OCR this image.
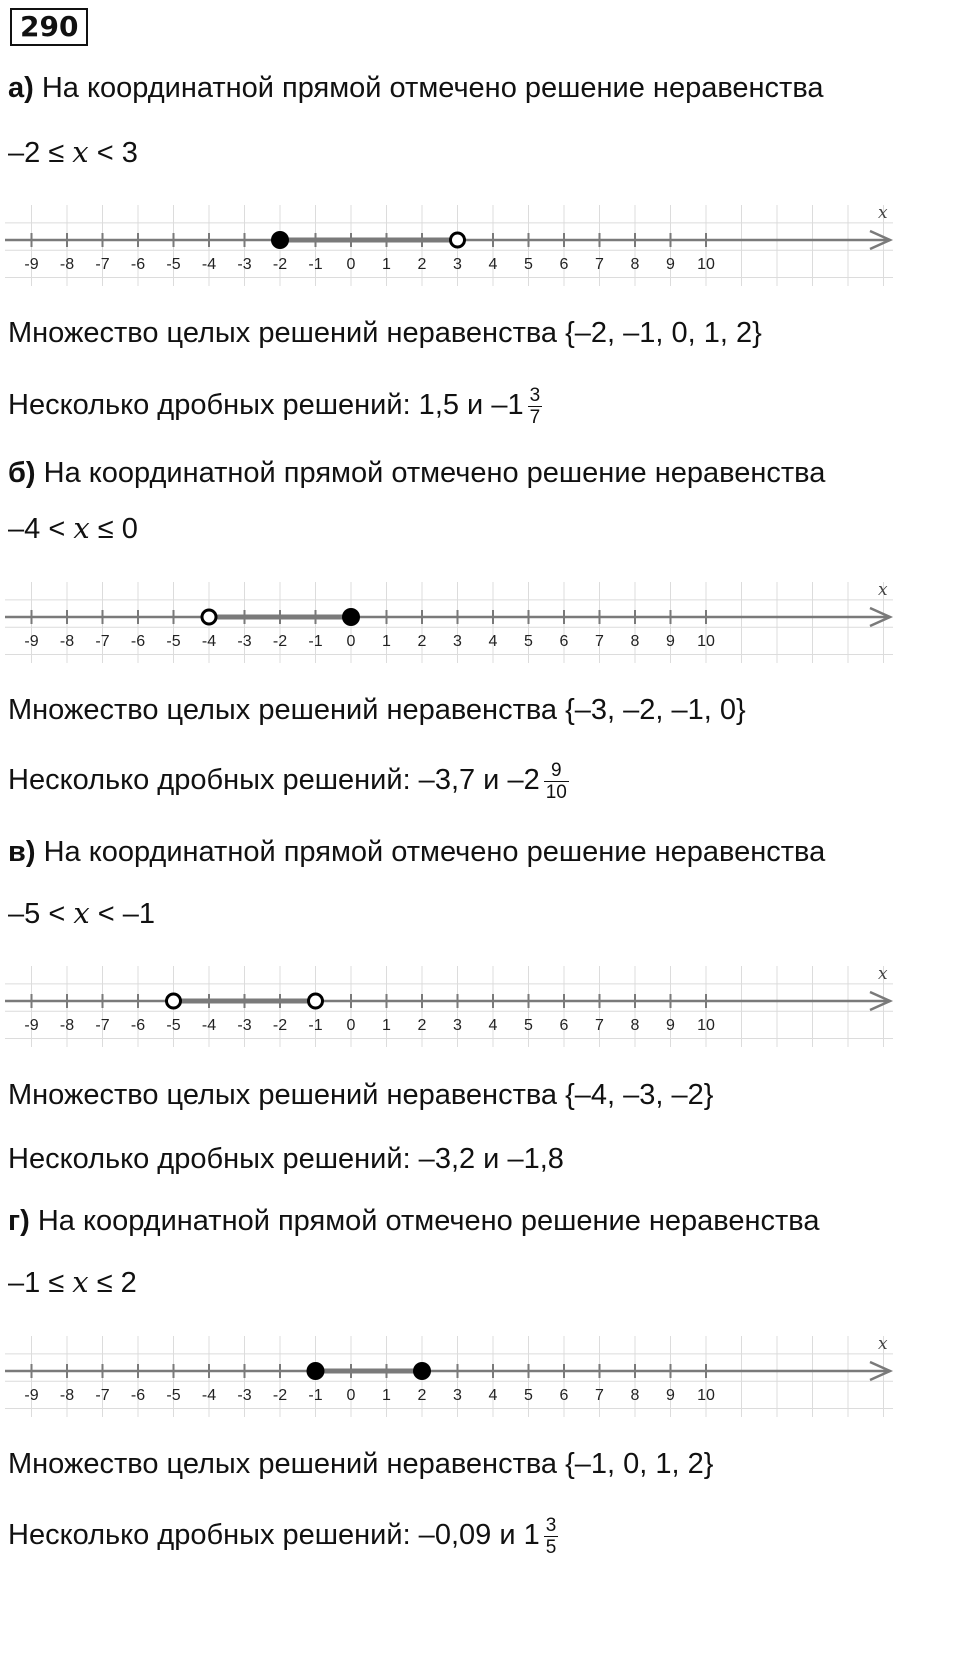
290
а) На координатной прямой отмечено решение неравенства
–2 ≤ x < 3
x
-9 -8 -7 -6 -5 -4 -3 -2 -1 0 1 2 3 4 5 6 7 8 9 10
Множество целых решений неравенства {–2, –1, 0, 1, 2}
Несколько дробных решений: 1,5 и $-1 \frac{3}{7}$
б) На координатной прямой отмечено решение неравенства
–4 < x ≤ 0
x
-9 -8 -7 -6 -5 -4 -3 -2 -1 0 1 2 3 4 5 6 7 8 9 10
Множество целых решений неравенства {–3, –2, –1, 0}
Несколько дробных решений: –3,7 и $-2 \frac{9}{10}$
в) На координатной прямой отмечено решение неравенства
–5 < x < –1
x
-9 -8 -7 -6 -5 -4 -3 -2 -1 0 1 2 3 4 5 6 7 8 9 10
Множество целых решений неравенства {–4, –3, –2}
Несколько дробных решений: –3,2 и –1,8
г) На координатной прямой отмечено решение неравенства
–1 ≤ x ≤ 2
x
-9 -8 -7 -6 -5 -4 -3 -2 -1 0 1 2 3 4 5 6 7 8 9 10
Множество целых решений неравенства {–1, 0, 1, 2}
Несколько дробных решений: –0,09 и $1 \frac{3}{5}$
